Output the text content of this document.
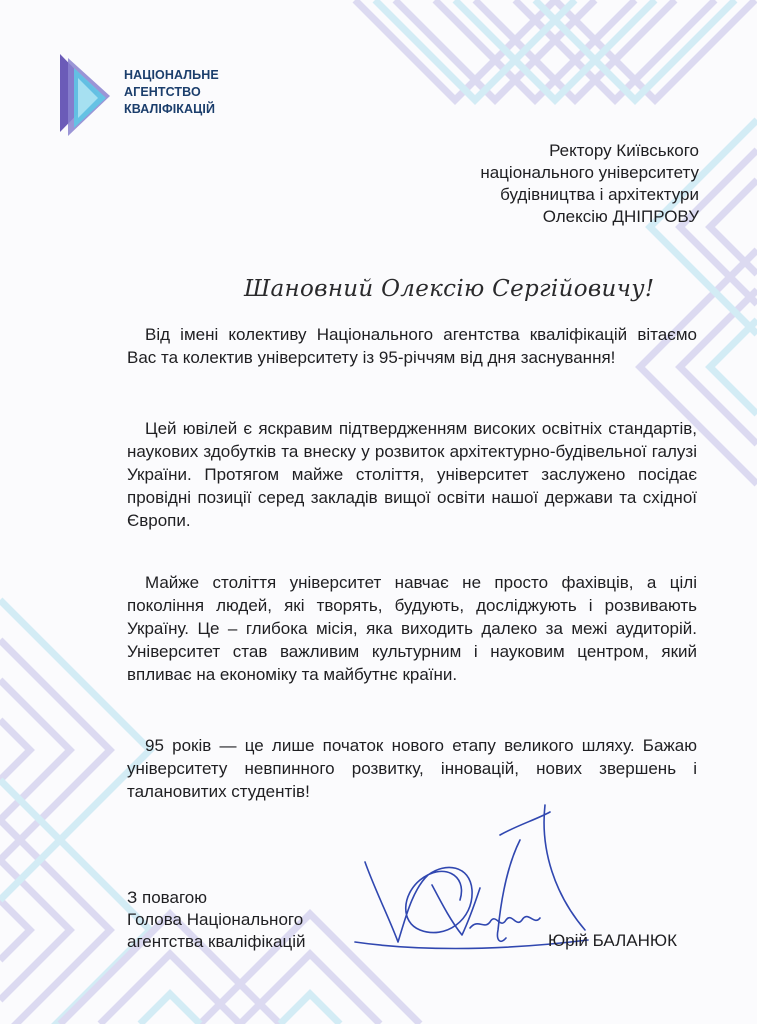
НАЦІОНАЛЬНЕ
АГЕНТСТВО
КВАЛІФІКАЦІЙ
Ректору Київського
національного університету
будівництва і архітектури
Олексію ДНІПРОВУ
Шановний Олексію Сергійовичу!

Від імені колективу Національного агентства кваліфікацій вітаємо Вас та колектив університету із 95-річчям від дня заснування!

Цей ювілей є яскравим підтвердженням високих освітніх стандартів, наукових здобутків та внеску у розвиток архітектурно-будівельної галузі України. Протягом майже століття, університет заслужено посідає провідні позиції серед закладів вищої освіти нашої держави та східної Європи.

Майже століття університет навчає не просто фахівців, а цілі покоління людей, які творять, будують, досліджують і розвивають Україну. Це – глибока місія, яка виходить далеко за межі аудиторій. Університет став важливим культурним і науковим центром, який впливає на економіку та майбутнє країни.

95 років — це лише початок нового етапу великого шляху. Бажаю університету невпинного розвитку, інновацій, нових звершень і талановитих студентів!

З повагою
Голова Національного
агентства кваліфікацій	Юрій БАЛАНЮК
